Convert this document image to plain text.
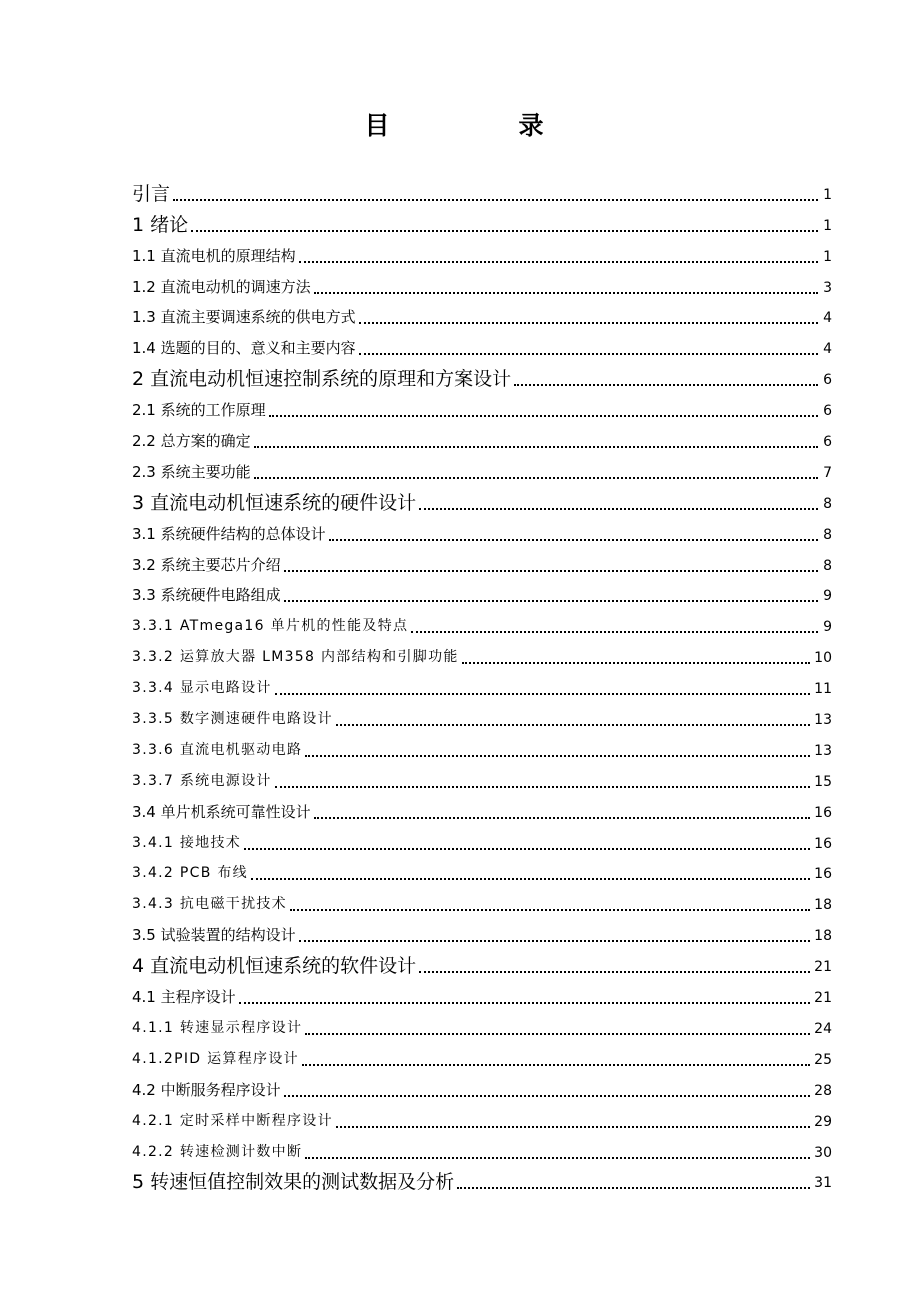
目　录
引言	1
1 绪论	1
1.1 直流电机的原理结构	1
1.2 直流电动机的调速方法	3
1.3 直流主要调速系统的供电方式	4
1.4 选题的目的、意义和主要内容	4
2 直流电动机恒速控制系统的原理和方案设计	6
2.1 系统的工作原理	6
2.2 总方案的确定	6
2.3 系统主要功能	7
3 直流电动机恒速系统的硬件设计	8
3.1 系统硬件结构的总体设计	8
3.2 系统主要芯片介绍	8
3.3 系统硬件电路组成	9
3.3.1 ATmega16 单片机的性能及特点	9
3.3.2 运算放大器 LM358 内部结构和引脚功能	10
3.3.4 显示电路设计	11
3.3.5 数字测速硬件电路设计	13
3.3.6 直流电机驱动电路	13
3.3.7 系统电源设计	15
3.4 单片机系统可靠性设计	16
3.4.1 接地技术	16
3.4.2 PCB 布线	16
3.4.3 抗电磁干扰技术	18
3.5 试验装置的结构设计	18
4 直流电动机恒速系统的软件设计	21
4.1 主程序设计	21
4.1.1 转速显示程序设计	24
4.1.2PID 运算程序设计	25
4.2 中断服务程序设计	28
4.2.1 定时采样中断程序设计	29
4.2.2 转速检测计数中断	30
5 转速恒值控制效果的测试数据及分析	31
